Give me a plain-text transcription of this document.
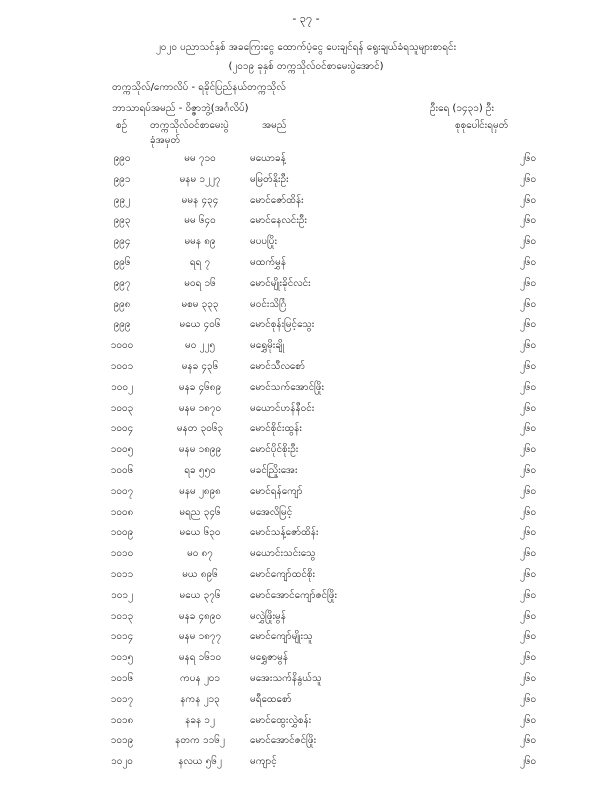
- ၃၇ -
၂၀၂၀ ပညာသင်နှစ် အခကြေးငွေ ထောက်ပံ့ငွေ ပေးချင်ရန် ရွေးချယ်ခံရသူများစာရင်း
(၂၀၁၉ ခုနှစ် တက္ကသိုလ်ဝင်စာမေးပွဲအောင်)
တက္ကသိုလ်/ကောလိပ် - ရခိုင်ပြည်နယ်တက္ကသိုလ်
ဘာသာရပ်အမည် - ဝိဇ္ဇာဘွဲ့(အင်္ဂလိပ်)	ဦးရေ (၁၄၃၁) ဦး
စဉ် တက္ကသိုလ်ဝင်စာမေးပွဲ
ခုံအမှတ်
အမည်	စုစုပေါင်းရမှတ်
၉၉၀	မမ ၇၁၀	မယောခန့်	၂၆၀
၉၉၁	မနမ ၁၂၂၇	မမြတ်နိုးဦး	၂၆၀
၉၉၂	မမန ၄၃၄	မောင်ဇော်ထိန်း	၂၆၀
၉၉၃	မမ ၆၄၀	မောင်နေလင်းဦး	၂၆၀
၉၉၄	မမန ၈၉	မပပပြိုး	၂၆၀
၉၉၆	ရရ ၇	မထက်မွှန်	၂၆၀
၉၉၇	မဝရ ၁၆	မောင်မျိုးခိုင်လင်း	၂၆၀
၉၉၈	မစမ ၃၃၃	မဝင်းသိင်္ဂြ	၂၆၀
၉၉၉	မယေ ၄၀၆	မောင်စုန်းမြင့်သွေး	၂၆၀
၁၀၀၀	မဝ ၂၂၅	မရွှေမိုးချို	၂၆၀
၁၀၀၁	မနခ ၄၃၆	မောင်သီလစော်	၂၆၀
၁၀၀၂	မနခ ၄၆၈၉	မောင်သက်အောင်ဖြိုး	၂၆၀
၁၀၀၃	မနမ ၁၈၇၀	မယောင်ဟန်နီဝင်း	၂၆၀
၁၀၀၄	မနတ ၃၀၆၃	မောင်စိုင်းထွန်း	၂၆၀
၁၀၀၅	မနမ ၁၈၉၉	မောင်ပိုင်စိုးဦး	၂၆၀
၁၀၀၆	ရခ ၅၅၀	မခင်ညြိုးအေး	၂၆၀
၁၀၀၇	မနမ ၂၈၉၈	မောင်ရန်ကျော်	၂၆၀
၁၀၀၈	မရည ၃၄၆	မအေလိမြင့်	၂၆၀
၁၀၀၉	မယေ ၆၃၀	မောင်သန့်ဇော်ထိန်း	၂၆၀
၁၀၁၀	မဝ ၈၇	မယောင်းသင်းသွေ	၂၆၀
၁၀၁၁	မယ ၈၉၆	မောင်ကျော်ထင်စိုး	၂၆၀
၁၀၁၂	မယေ ၃၇၆	မောင်အောင်ကျော်ဇင်ဖြိုး	၂၆၀
၁၀၁၃	မနခ ၄၈၉၀	မလွှဲဖြိုးမွန်	၂၆၀
၁၀၁၄	မနမ ၁၈၇၇	မောင်ကျော်မျိုးသူ	၂၆၀
၁၀၁၅	မနရ ၁၆၁၀	မရွှေဇာမွန်	၂၆၀
၁၀၁၆	ကပန ၂၀၁	မအေးသက်နိနွယ်သူ	၂၆၀
၁၀၁၇	နကန ၂၁၃	မရီထေစော်	၂၆၀
၁၀၁၈	နခန ၁၂	မောင်ထွေးလွှဲစန်း	၂၆၀
၁၀၁၉	နတက ၁၁၆၂	မောင်အောင်ဇင်ဖြိုး	၂၆၀
၁၀၂၀	နလယ ၅၆၂	မကျာင့်	၂၆၀
